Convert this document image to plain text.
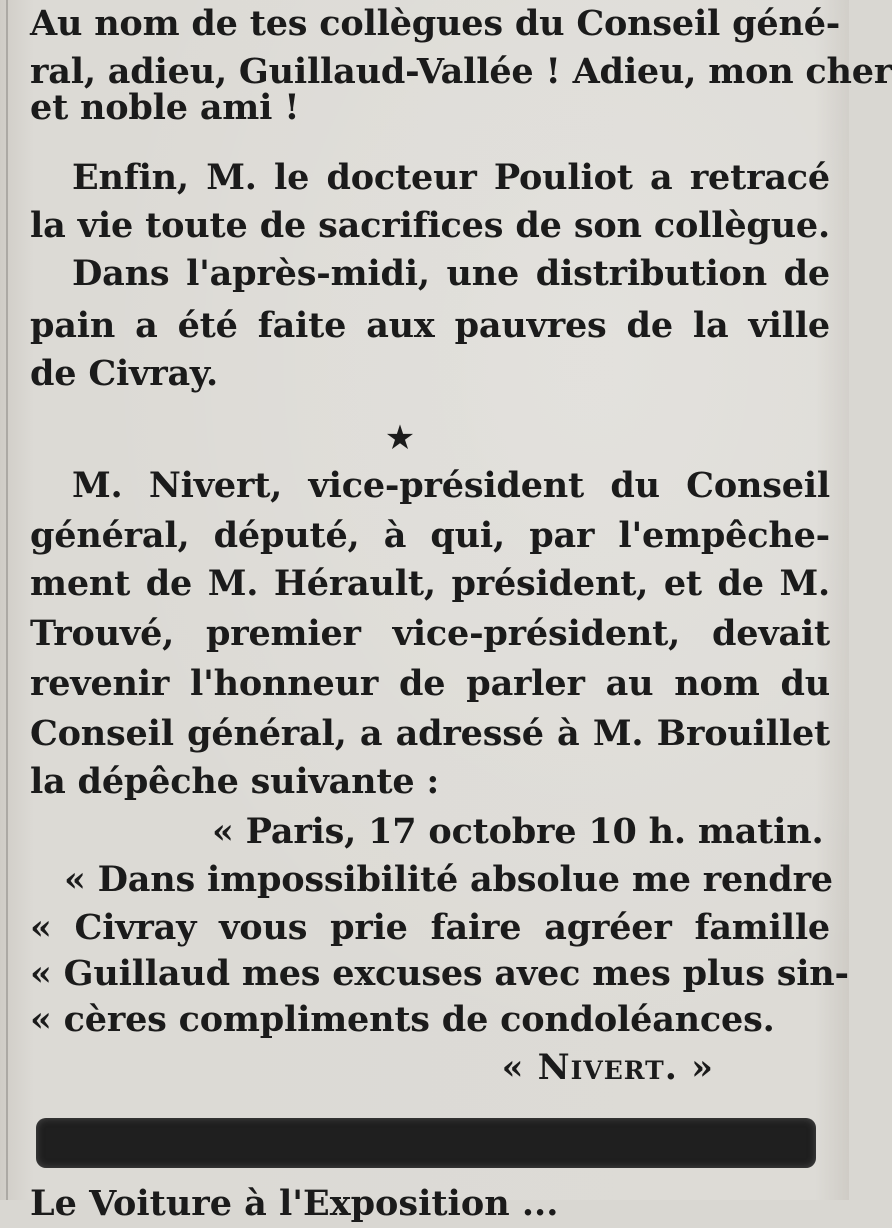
Au nom de tes collègues du Conseil géné-
ral, adieu, Guillaud-Vallée ! Adieu, mon cher
et noble ami !
Enfin, M. le docteur Pouliot a retracé
la vie toute de sacrifices de son collègue.
Dans l'après-midi, une distribution de
pain a été faite aux pauvres de la ville
de Civray.
★
M. Nivert, vice-président du Conseil
général, député, à qui, par l'empêche-
ment de M. Hérault, président, et de M.
Trouvé, premier vice-président, devait
revenir l'honneur de parler au nom du
Conseil général, a adressé à M. Brouillet
la dépêche suivante :
« Paris, 17 octobre 10 h. matin.
« Dans impossibilité absolue me rendre
« Civray vous prie faire agréer famille
« Guillaud mes excuses avec mes plus sin-
« cères compliments de condoléances.
« Nivert. »
Le Voiture à l'Exposition ...
